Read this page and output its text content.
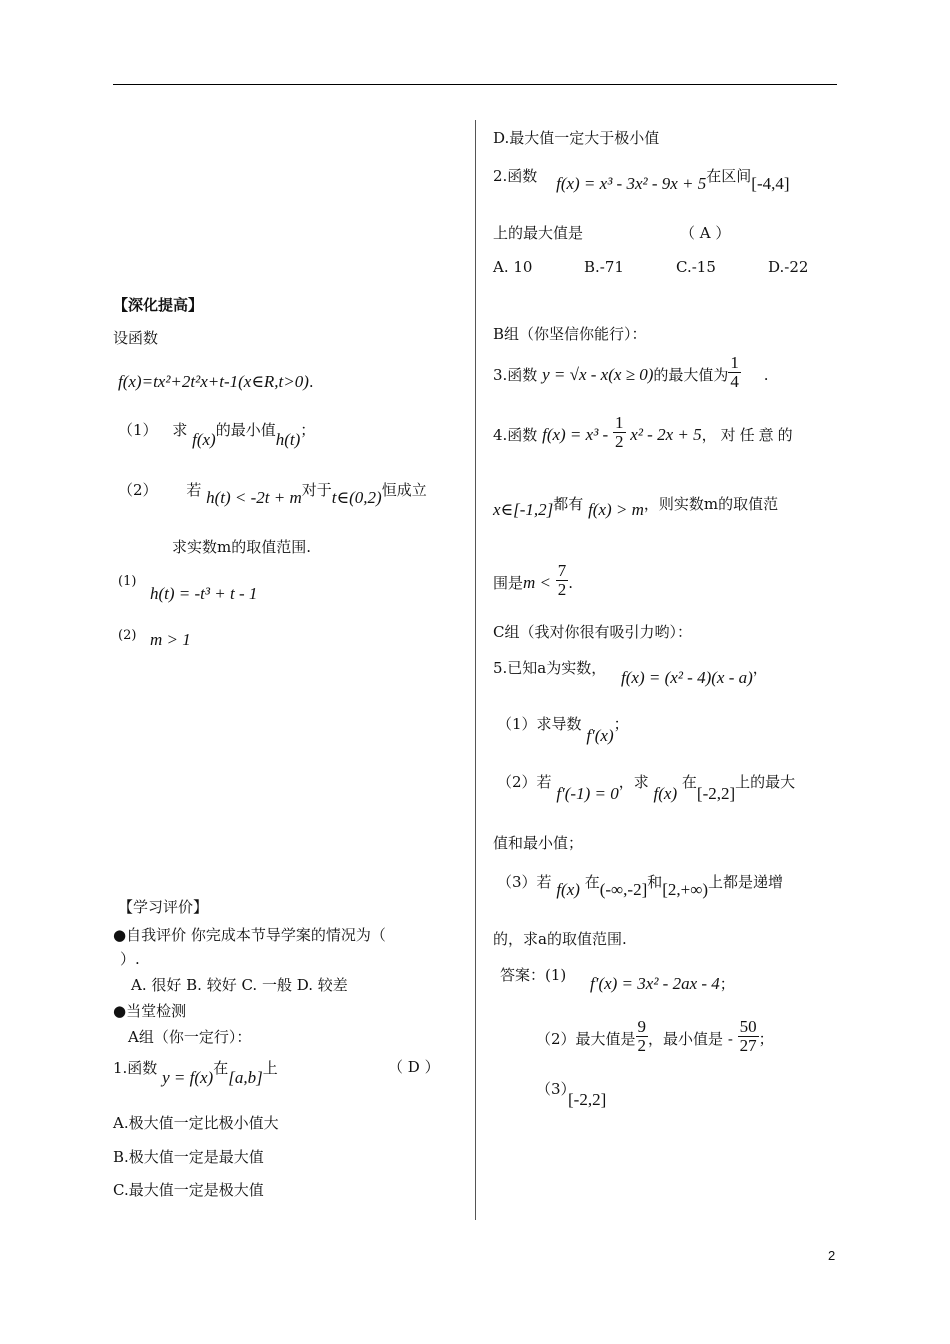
【深化提高】
设函数
f(x)=tx²+2t²x+t-1(x∈R,t>0).
（1） 求 f(x)的最小值h(t)；
（2） 若 h(t) < -2t + m对于t∈(0,2)恒成立
求实数m的取值范围.
(1)
h(t) = -t³ + t - 1
(2) m > 1
【学习评价】
●自我评价 你完成本节导学案的情况为（
）.
A. 很好 B. 较好 C. 一般 D. 较差
●当堂检测
A组（你一定行）：
1.函数 y = f(x)在[a,b]上	（ D ）
A.极大值一定比极小值大
B.极大值一定是最大值
C.最大值一定是极大值
D.最大值一定大于极小值
2.函数 f(x) = x³ - 3x² - 9x + 5在区间[-4,4]
上的最大值是	（ A ）
A. 10	B.-71	C.-15	D.-22
B组（你坚信你能行）：
3.函数 y = √x - x(x ≥ 0)的最大值为 $\frac{1}{4}$ .
4.函数 $f(x) = x^3 - \frac{1}{2} x^2 - 2x + 5$，对任意的
x∈[-1,2]都有 f(x) > m，则实数m的取值范
围是$m < \frac{7}{2}$ .
C组（我对你很有吸引力哟）：
5.已知a为实数， f(x) = (x² - 4)(x - a)，
（1）求导数 f′(x)；
（2）若 f′(-1) = 0，求 f(x) 在[-2,2]上的最大
值和最小值；
（3）若 f(x) 在(-∞,-2]和[2,+∞)上都是递增
的，求a的取值范围.
答案：(1) f′(x) = 3x² - 2ax - 4；
（2）最大值是 $\frac{9}{2}$ ，最小值是 - $\frac{50}{27}$ ；
（3）
[-2,2]
2
